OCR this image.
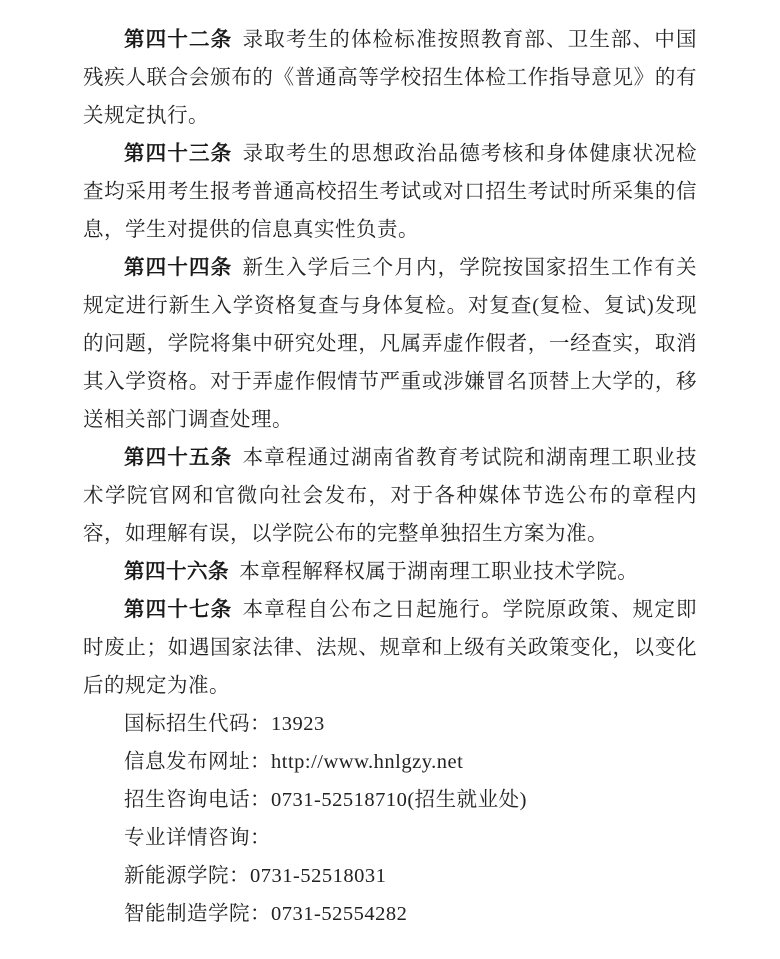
第四十二条 录取考生的体检标准按照教育部、卫生部、中国残疾人联合会颁布的《普通高等学校招生体检工作指导意见》的有关规定执行。

第四十三条 录取考生的思想政治品德考核和身体健康状况检查均采用考生报考普通高校招生考试或对口招生考试时所采集的信息，学生对提供的信息真实性负责。

第四十四条 新生入学后三个月内，学院按国家招生工作有关规定进行新生入学资格复查与身体复检。对复查(复检、复试)发现的问题，学院将集中研究处理，凡属弄虚作假者，一经查实，取消其入学资格。对于弄虚作假情节严重或涉嫌冒名顶替上大学的，移送相关部门调查处理。

第四十五条 本章程通过湖南省教育考试院和湖南理工职业技术学院官网和官微向社会发布，对于各种媒体节选公布的章程内容，如理解有误，以学院公布的完整单独招生方案为准。

第四十六条 本章程解释权属于湖南理工职业技术学院。

第四十七条 本章程自公布之日起施行。学院原政策、规定即时废止；如遇国家法律、法规、规章和上级有关政策变化，以变化后的规定为准。

国标招生代码：13923

信息发布网址：http://www.hnlgzy.net

招生咨询电话：0731-52518710(招生就业处)

专业详情咨询：

新能源学院：0731-52518031

智能制造学院：0731-52554282
